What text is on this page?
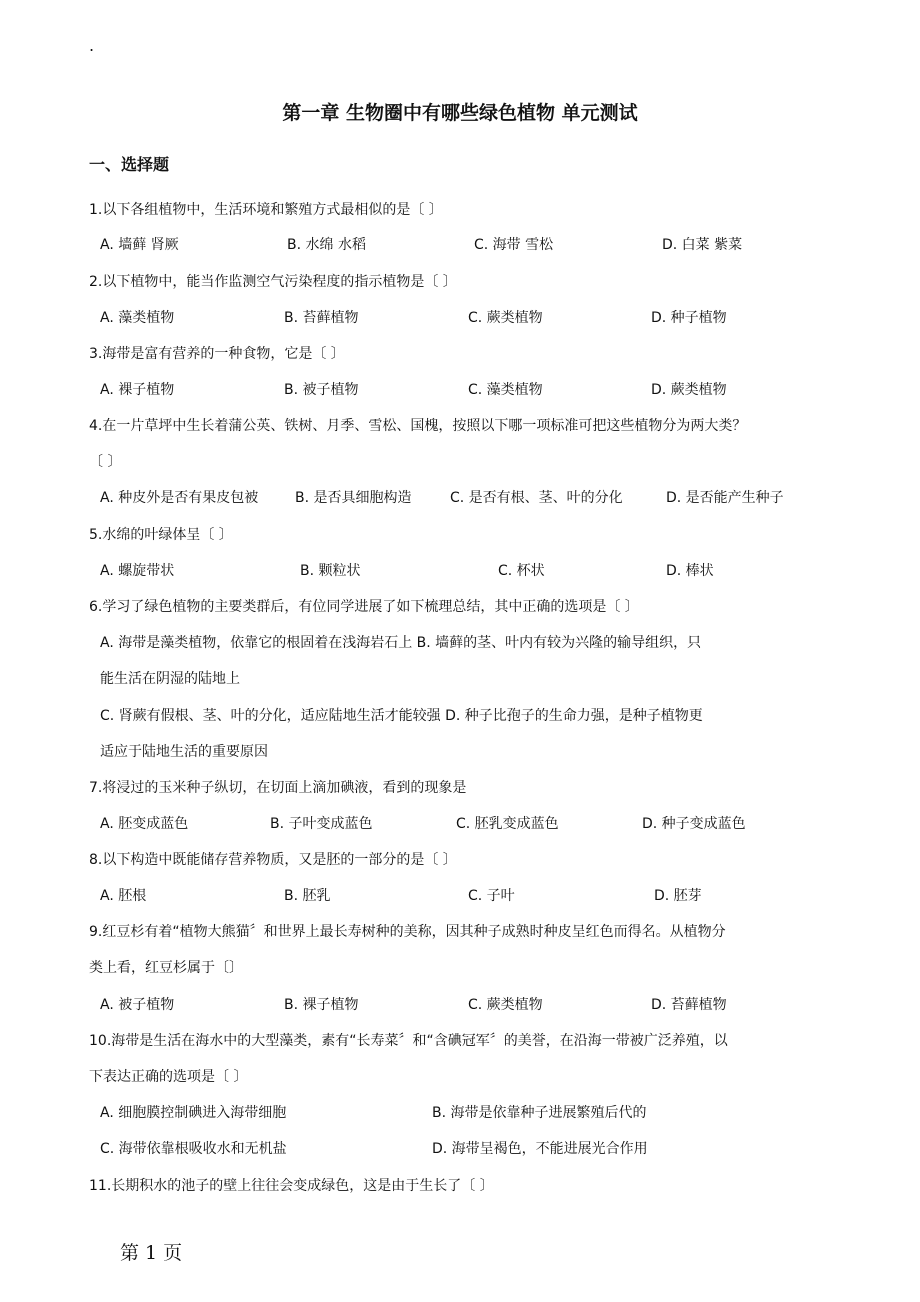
.
第一章 生物圈中有哪些绿色植物 单元测试
一、选择题
1.以下各组植物中，生活环境和繁殖方式最相似的是〔 〕
A. 墙藓 肾厥	B. 水绵 水稻	C. 海带 雪松	D. 白菜 紫菜
2.以下植物中，能当作监测空气污染程度的指示植物是〔 〕
A. 藻类植物	B. 苔藓植物	C. 蕨类植物	D. 种子植物
3.海带是富有营养的一种食物，它是〔 〕
A. 裸子植物	B. 被子植物	C. 藻类植物	D. 蕨类植物
4.在一片草坪中生长着蒲公英、铁树、月季、雪松、国槐，按照以下哪一项标准可把这些植物分为两大类？
〔 〕
A. 种皮外是否有果皮包被	B. 是否具细胞构造	C. 是否有根、茎、叶的分化	D. 是否能产生种子
5.水绵的叶绿体呈〔 〕
A. 螺旋带状	B. 颗粒状	C. 杯状	D. 棒状
6.学习了绿色植物的主要类群后，有位同学进展了如下梳理总结，其中正确的选项是〔 〕
A. 海带是藻类植物，依靠它的根固着在浅海岩石上 B. 墙藓的茎、叶内有较为兴隆的输导组织，只
能生活在阴湿的陆地上
C. 肾蕨有假根、茎、叶的分化，适应陆地生活才能较强 D. 种子比孢子的生命力强，是种子植物更
适应于陆地生活的重要原因
7.将浸过的玉米种子纵切，在切面上滴加碘液，看到的现象是
A. 胚变成蓝色	B. 子叶变成蓝色	C. 胚乳变成蓝色	D. 种子变成蓝色
8.以下构造中既能储存营养物质，又是胚的一部分的是〔 〕
A. 胚根	B. 胚乳	C. 子叶	D. 胚芽
9.红豆杉有着“植物大熊猫〞和世界上最长寿树种的美称，因其种子成熟时种皮呈红色而得名。从植物分
类上看，红豆杉属于〔〕
A. 被子植物	B. 裸子植物	C. 蕨类植物	D. 苔藓植物
10.海带是生活在海水中的大型藻类，素有“长寿菜〞和“含碘冠军〞的美誉，在沿海一带被广泛养殖，以
下表达正确的选项是〔 〕
A. 细胞膜控制碘进入海带细胞	B. 海带是依靠种子进展繁殖后代的
C. 海带依靠根吸收水和无机盐	D. 海带呈褐色，不能进展光合作用
11.长期积水的池子的壁上往往会变成绿色，这是由于生长了〔 〕
第 1 页
